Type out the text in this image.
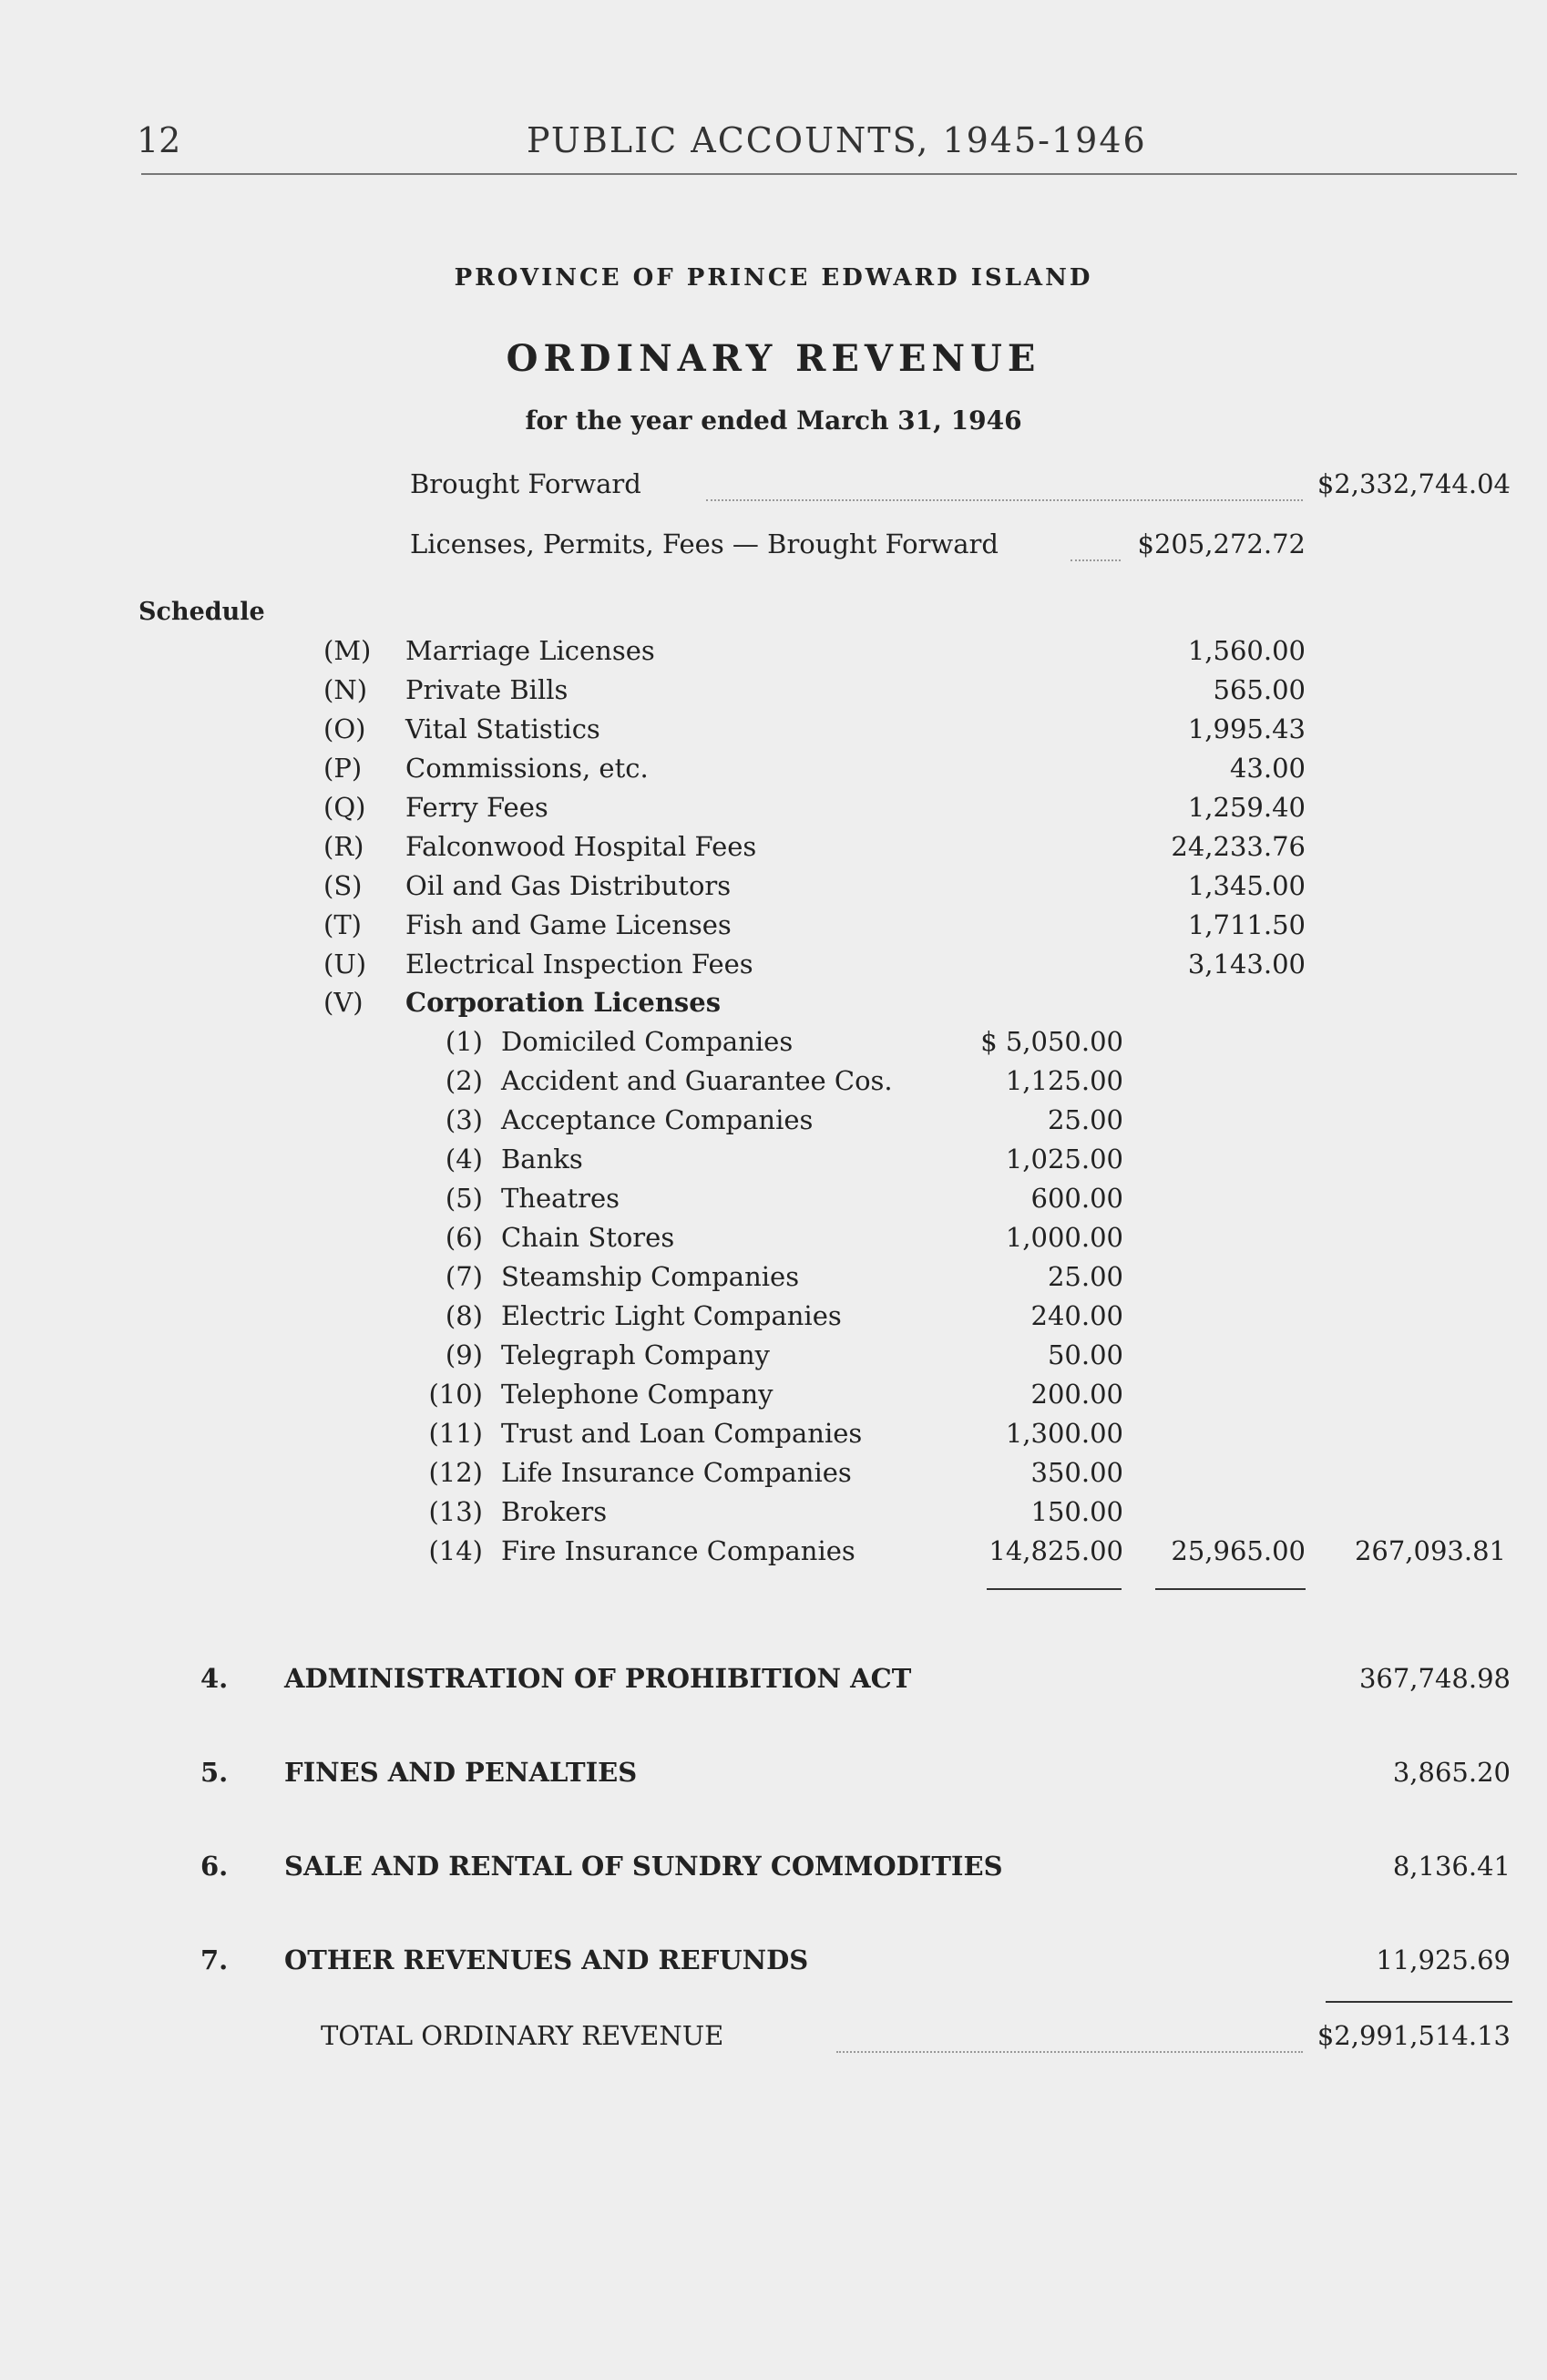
12	PUBLIC ACCOUNTS, 1945-1946
PROVINCE OF PRINCE EDWARD ISLAND
ORDINARY REVENUE
for the year ended March 31, 1946
Brought Forward	$2,332,744.04
Licenses, Permits, Fees — Brought Forward	$205,272.72
Schedule
(M) Marriage Licenses	1,560.00
(N) Private Bills	565.00
(O) Vital Statistics	1,995.43
(P) Commissions, etc.	43.00
(Q) Ferry Fees	1,259.40
(R) Falconwood Hospital Fees	24,233.76
(S) Oil and Gas Distributors	1,345.00
(T) Fish and Game Licenses	1,711.50
(U) Electrical Inspection Fees	3,143.00
(V) Corporation Licenses
(1) Domiciled Companies	$ 5,050.00
(2) Accident and Guarantee Cos.	1,125.00
(3) Acceptance Companies	25.00
(4) Banks	1,025.00
(5) Theatres	600.00
(6) Chain Stores	1,000.00
(7) Steamship Companies	25.00
(8) Electric Light Companies	240.00
(9) Telegraph Company	50.00
(10) Telephone Company	200.00
(11) Trust and Loan Companies	1,300.00
(12) Life Insurance Companies	350.00
(13) Brokers	150.00
(14) Fire Insurance Companies	14,825.00 25,965.00 267,093.81
4. ADMINISTRATION OF PROHIBITION ACT	367,748.98
5. FINES AND PENALTIES	3,865.20
6. SALE AND RENTAL OF SUNDRY COMMODITIES	8,136.41
7. OTHER REVENUES AND REFUNDS	11,925.69
TOTAL ORDINARY REVENUE	$2,991,514.13
